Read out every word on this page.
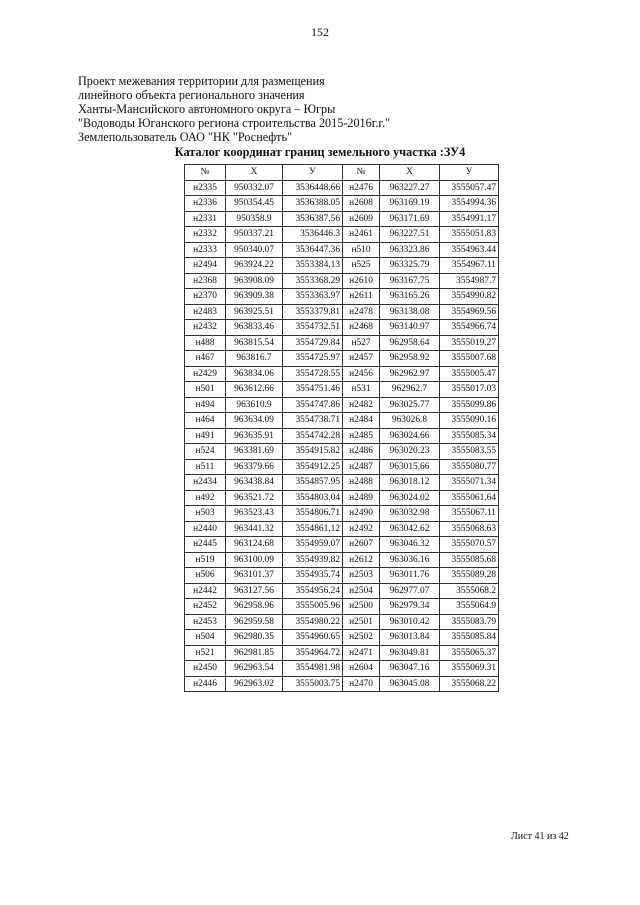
152
Проект межевания территории для размещения
линейного объекта регионального значения
Ханты-Мансийского автономного округа – Югры
"Водоводы Юганского региона строительства 2015-2016г.г."
Землепользователь ОАО "НК "Роснефть"
Каталог координат границ земельного участка :ЗУ4
№	X	У	№	X	У
н2335	950332.07	3536448.66	н2476	963227.27	3555057.47
н2336	950354.45	3536388.05	н2608	963169.19	3554994.36
н2331	950358.9	3536387.56	н2609	963171.69	3554991.17
н2332	950337.21	3536446.3	н2461	963227.51	3555051.83
н2333	950340.07	3536447.36	н510	963323.86	3554963.44
н2494	963924.22	3553384.13	н525	963325.79	3554967.11
н2368	963908.09	3553368.29	н2610	963167.75	3554987.7
н2370	963909.38	3553363.97	н2611	963165.26	3554990.82
н2483	963925.51	3553379.81	н2478	963138.08	3554969.56
н2432	963833.46	3554732.51	н2468	963140.97	3554966.74
н488	963815.54	3554729.84	н527	962958.64	3555019.27
н467	963816.7	3554725.97	н2457	962958.92	3555007.68
н2429	963834.06	3554728.55	н2456	962962.97	3555005.47
н501	963612.66	3554751.46	н531	962962.7	3555017.03
н494	963610.9	3554747.86	н2482	963025.77	3555099.86
н464	963634.09	3554738.71	н2484	963026.8	3555090.16
н491	963635.91	3554742.28	н2485	963024.66	3555085.34
н524	963381.69	3554915.82	н2486	963020.23	3555083.55
н511	963379.66	3554912.25	н2487	963015.66	3555080.77
н2434	963438.84	3554857.95	н2488	963018.12	3555071.34
н492	963521.72	3554803.04	н2489	963024.02	3555061.64
н503	963523.43	3554806.71	н2490	963032.98	3555067.11
н2440	963441.32	3554861.12	н2492	963042.62	3555068.63
н2445	963124.68	3554959.07	н2607	963046.32	3555070.57
н519	963100.09	3554939.82	н2612	963036.16	3555085.68
н506	963101.37	3554935.74	н2503	963011.76	3555089.28
н2442	963127.56	3554956.24	н2504	962977.07	3555068.2
н2452	962958.96	3555005.96	н2500	962979.34	3555064.9
н2453	962959.58	3554980.22	н2501	963010.42	3555083.79
н504	962980.35	3554960.65	н2502	963013.84	3555085.84
н521	962981.85	3554964.72	н2471	963049.81	3555065.37
н2450	962963.54	3554981.98	н2604	963047.16	3555069.31
н2446	962963.02	3555003.75	н2470	963045.08	3555068.22
Лист 41 из 42
